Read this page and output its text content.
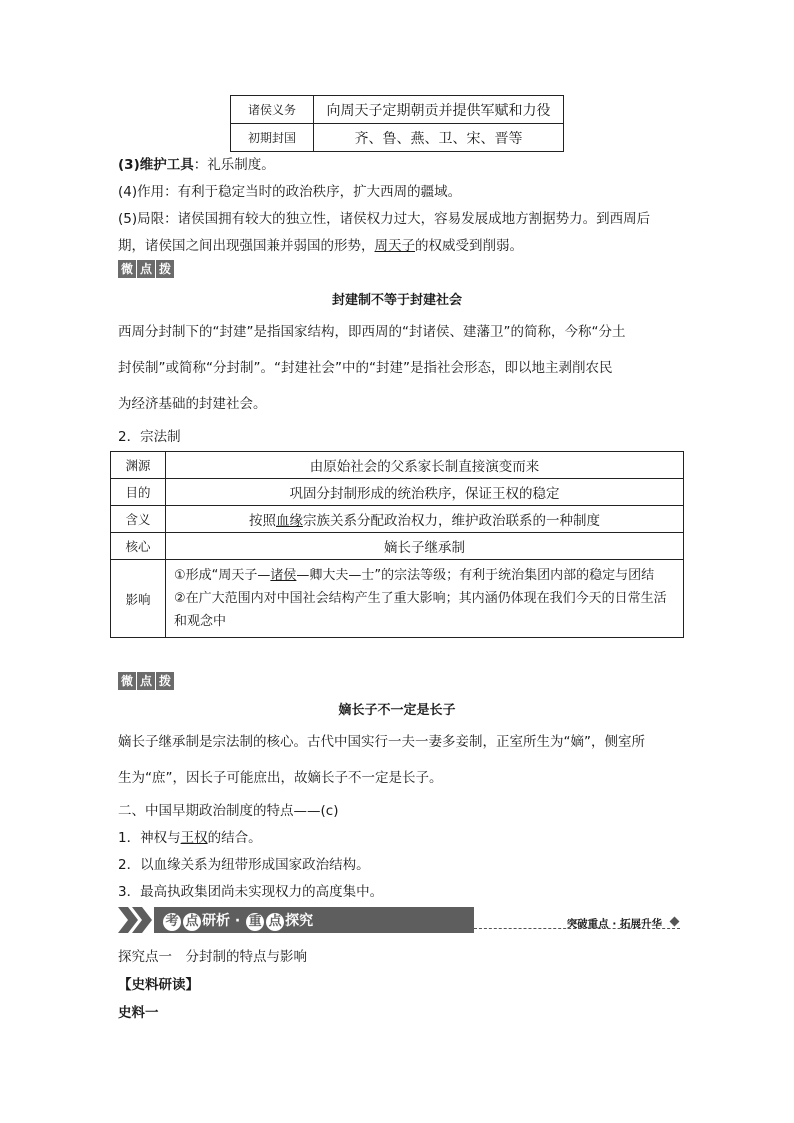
诸侯义务	向周天子定期朝贡并提供军赋和力役
初期封国	齐、鲁、燕、卫、宋、晋等
(3)维护工具：礼乐制度。
(4)作用：有利于稳定当时的政治秩序，扩大西周的疆域。
(5)局限：诸侯国拥有较大的独立性，诸侯权力过大，容易发展成地方割据势力。到西周后
期，诸侯国之间出现强国兼并弱国的形势，周天子的权威受到削弱。
微 点 拨
封建制不等于封建社会
西周分封制下的“封建”是指国家结构，即西周的“封诸侯、建藩卫”的简称，今称“分土
封侯制”或简称“分封制”。“封建社会”中的“封建”是指社会形态，即以地主剥削农民
为经济基础的封建社会。
2．宗法制
渊源	由原始社会的父系家长制直接演变而来
目的	巩固分封制形成的统治秩序，保证王权的稳定
含义	按照血缘宗族关系分配政治权力，维护政治联系的一种制度
核心	嫡长子继承制
影响	①形成“周天子—诸侯—卿大夫—士”的宗法等级；有利于统治集团内部的稳定与团结
②在广大范围内对中国社会结构产生了重大影响；其内涵仍体现在我们今天的日常生活和观念中
微 点 拨
嫡长子不一定是长子
嫡长子继承制是宗法制的核心。古代中国实行一夫一妻多妾制，正室所生为“嫡”，侧室所
生为“庶”，因长子可能庶出，故嫡长子不一定是长子。
二、中国早期政治制度的特点——(c)
1．神权与王权的结合。
2．以血缘关系为纽带形成国家政治结构。
3．最高执政集团尚未实现权力的高度集中。
考 点 研析 · 重 点 探究	突破重点 · 拓展升华
探究点一　分封制的特点与影响
【史料研读】
史料一
